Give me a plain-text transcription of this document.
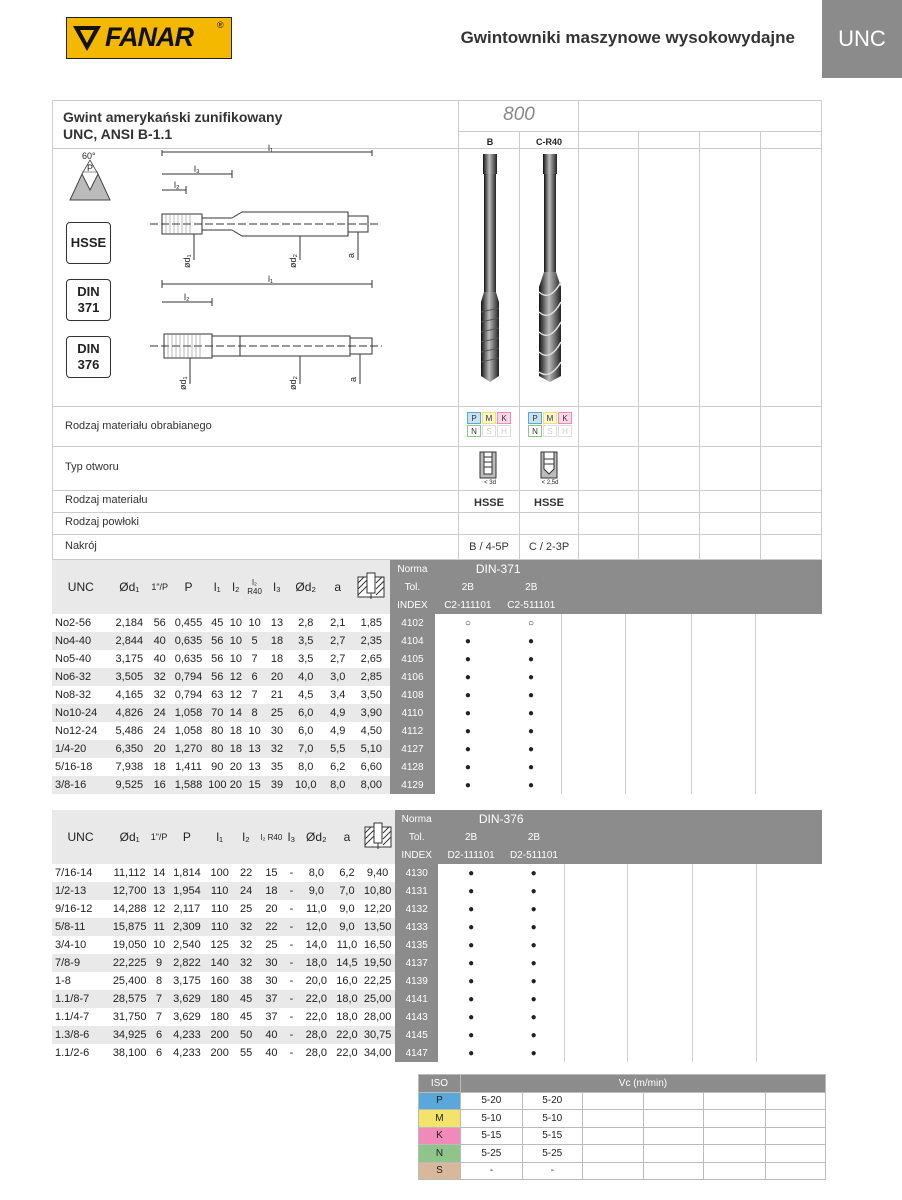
FANAR	®
Gwintowniki maszynowe wysokowydajne	UNC
Gwint amerykański zunifikowany
UNC, ANSI B-1.1
800
B	C-R40
60°
P
HSSE
DIN
371
DIN
376
l₁
l₃
l₂
ød₁	ød₂	a
l₁
l₂
ød₁	ød₂	a
Rodzaj materiału obrabianego
P	M	K
N	S	H
P	M	K
N	S	H
Typ otworu
< 3d	< 2,5d
Rodzaj materiału	HSSE	HSSE
Rodzaj powłoki
Nakrój	B / 4-5P	C / 2-3P
UNC	Ød₁	1"/P	P	l₁	l₂	l₂ R40	l₃	Ød₂	a		Norma	DIN-371					
											Tol.	2B	2B				
											INDEX	C2-111101	C2-511101				
No2-56	2,184	56	0,455	45	10	10	13	2,8	2,1	1,85	4102	○	○				
No4-40	2,844	40	0,635	56	10	5	18	3,5	2,7	2,35	4104	●	●				
No5-40	3,175	40	0,635	56	10	7	18	3,5	2,7	2,65	4105	●	●				
No6-32	3,505	32	0,794	56	12	6	20	4,0	3,0	2,85	4106	●	●				
No8-32	4,165	32	0,794	63	12	7	21	4,5	3,4	3,50	4108	●	●				
No10-24	4,826	24	1,058	70	14	8	25	6,0	4,9	3,90	4110	●	●				
No12-24	5,486	24	1,058	80	18	10	30	6,0	4,9	4,50	4112	●	●				
1/4-20	6,350	20	1,270	80	18	13	32	7,0	5,5	5,10	4127	●	●				
5/16-18	7,938	18	1,411	90	20	13	35	8,0	6,2	6,60	4128	●	●				
3/8-16	9,525	16	1,588	100	20	15	39	10,0	8,0	8,00	4129	●	●				
UNC	Ød₁	1"/P	P	l₁	l₂	l₂ R40	l₃	Ød₂	a		Norma	DIN-376					
											Tol.	2B	2B				
											INDEX	D2-111101	D2-511101				
7/16-14	11,112	14	1,814	100	22	15	-	8,0	6,2	9,40	4130	●	●				
1/2-13	12,700	13	1,954	110	24	18	-	9,0	7,0	10,80	4131	●	●				
9/16-12	14,288	12	2,117	110	25	20	-	11,0	9,0	12,20	4132	●	●				
5/8-11	15,875	11	2,309	110	32	22	-	12,0	9,0	13,50	4133	●	●				
3/4-10	19,050	10	2,540	125	32	25	-	14,0	11,0	16,50	4135	●	●				
7/8-9	22,225	9	2,822	140	32	30	-	18,0	14,5	19,50	4137	●	●				
1-8	25,400	8	3,175	160	38	30	-	20,0	16,0	22,25	4139	●	●				
1.1/8-7	28,575	7	3,629	180	45	37	-	22,0	18,0	25,00	4141	●	●				
1.1/4-7	31,750	7	3,629	180	45	37	-	22,0	18,0	28,00	4143	●	●				
1.3/8-6	34,925	6	4,233	200	50	40	-	28,0	22,0	30,75	4145	●	●				
1.1/2-6	38,100	6	4,233	200	55	40	-	28,0	22,0	34,00	4147	●	●				
ISO	Vc (m/min)					
P	5-20	5-20				
M	5-10	5-10				
K	5-15	5-15				
N	5-25	5-25				
S	-	-				
